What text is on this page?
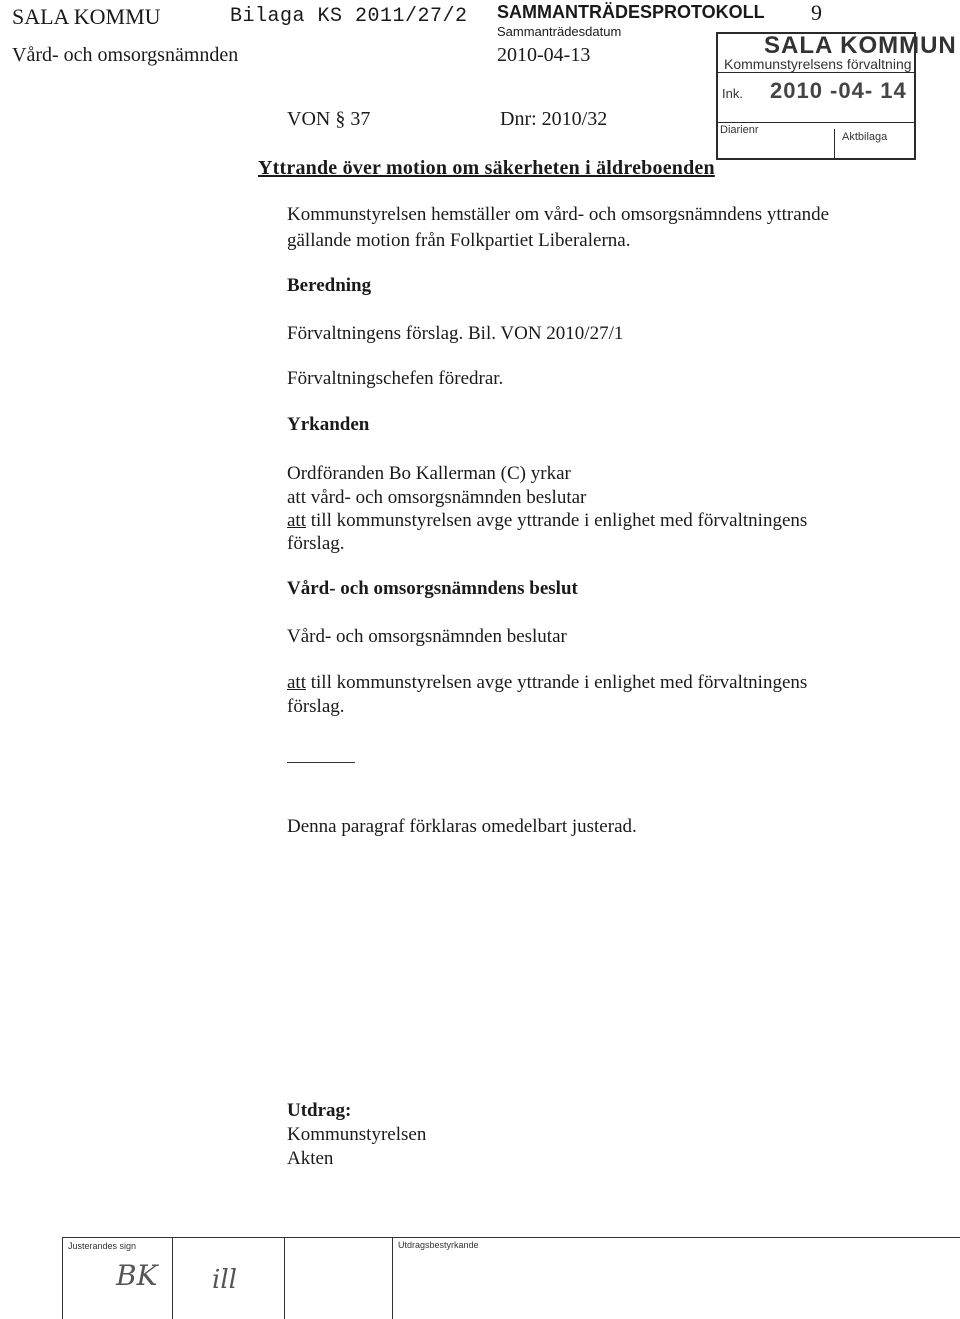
SALA KOMMU	Bilaga KS 2011/27/2 SAMMANTRÄDESPROTOKOLL 9
Sammanträdesdatum
Vård- och omsorgsnämnden	2010-04-13	SALA KOMMUN
Kommunstyrelsens förvaltning
Ink. 2010 -04- 14
Diarienr
Aktbilaga
VON § 37	Dnr: 2010/32
Yttrande över motion om säkerheten i äldreboenden
Kommunstyrelsen hemställer om vård- och omsorgsnämndens yttrande
gällande motion från Folkpartiet Liberalerna.
Beredning
Förvaltningens förslag. Bil. VON 2010/27/1
Förvaltningschefen föredrar.
Yrkanden
Ordföranden Bo Kallerman (C) yrkar
att vård- och omsorgsnämnden beslutar
att till kommunstyrelsen avge yttrande i enlighet med förvaltningens
förslag.
Vård- och omsorgsnämndens beslut
Vård- och omsorgsnämnden beslutar
att till kommunstyrelsen avge yttrande i enlighet med förvaltningens
förslag.
Denna paragraf förklaras omedelbart justerad.
Utdrag:
Kommunstyrelsen
Akten
Justerandes sign	Utdragsbestyrkande
BK ill
